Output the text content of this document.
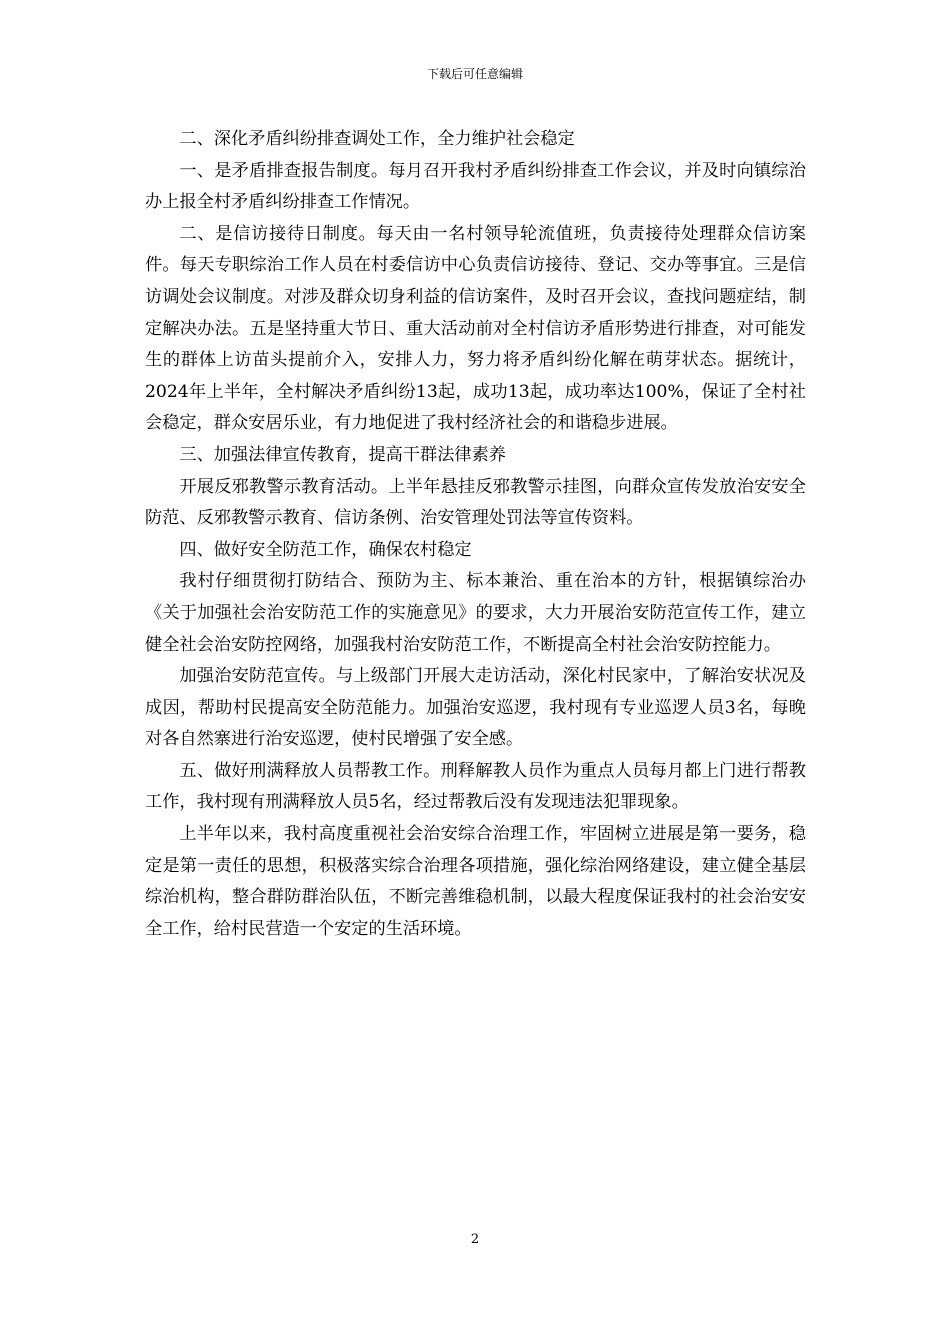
下载后可任意编辑

二、深化矛盾纠纷排查调处工作，全力维护社会稳定

一、是矛盾排查报告制度。每月召开我村矛盾纠纷排查工作会议，并及时向镇综治办上报全村矛盾纠纷排查工作情况。

二、是信访接待日制度。每天由一名村领导轮流值班，负责接待处理群众信访案件。每天专职综治工作人员在村委信访中心负责信访接待、登记、交办等事宜。三是信访调处会议制度。对涉及群众切身利益的信访案件，及时召开会议，查找问题症结，制定解决办法。五是坚持重大节日、重大活动前对全村信访矛盾形势进行排查，对可能发生的群体上访苗头提前介入，安排人力，努力将矛盾纠纷化解在萌芽状态。据统计，2024年上半年，全村解决矛盾纠纷13起，成功13起，成功率达100%，保证了全村社会稳定，群众安居乐业，有力地促进了我村经济社会的和谐稳步进展。

三、加强法律宣传教育，提高干群法律素养

开展反邪教警示教育活动。上半年悬挂反邪教警示挂图，向群众宣传发放治安安全防范、反邪教警示教育、信访条例、治安管理处罚法等宣传资料。

四、做好安全防范工作，确保农村稳定

我村仔细贯彻打防结合、预防为主、标本兼治、重在治本的方针，根据镇综治办《关于加强社会治安防范工作的实施意见》的要求，大力开展治安防范宣传工作，建立健全社会治安防控网络，加强我村治安防范工作，不断提高全村社会治安防控能力。

加强治安防范宣传。与上级部门开展大走访活动，深化村民家中，了解治安状况及成因，帮助村民提高安全防范能力。加强治安巡逻，我村现有专业巡逻人员3名，每晚对各自然寨进行治安巡逻，使村民增强了安全感。

五、做好刑满释放人员帮教工作。刑释解教人员作为重点人员每月都上门进行帮教工作，我村现有刑满释放人员5名，经过帮教后没有发现违法犯罪现象。

上半年以来，我村高度重视社会治安综合治理工作，牢固树立进展是第一要务，稳定是第一责任的思想，积极落实综合治理各项措施，强化综治网络建设，建立健全基层综治机构，整合群防群治队伍，不断完善维稳机制，以最大程度保证我村的社会治安安全工作，给村民营造一个安定的生活环境。

2
